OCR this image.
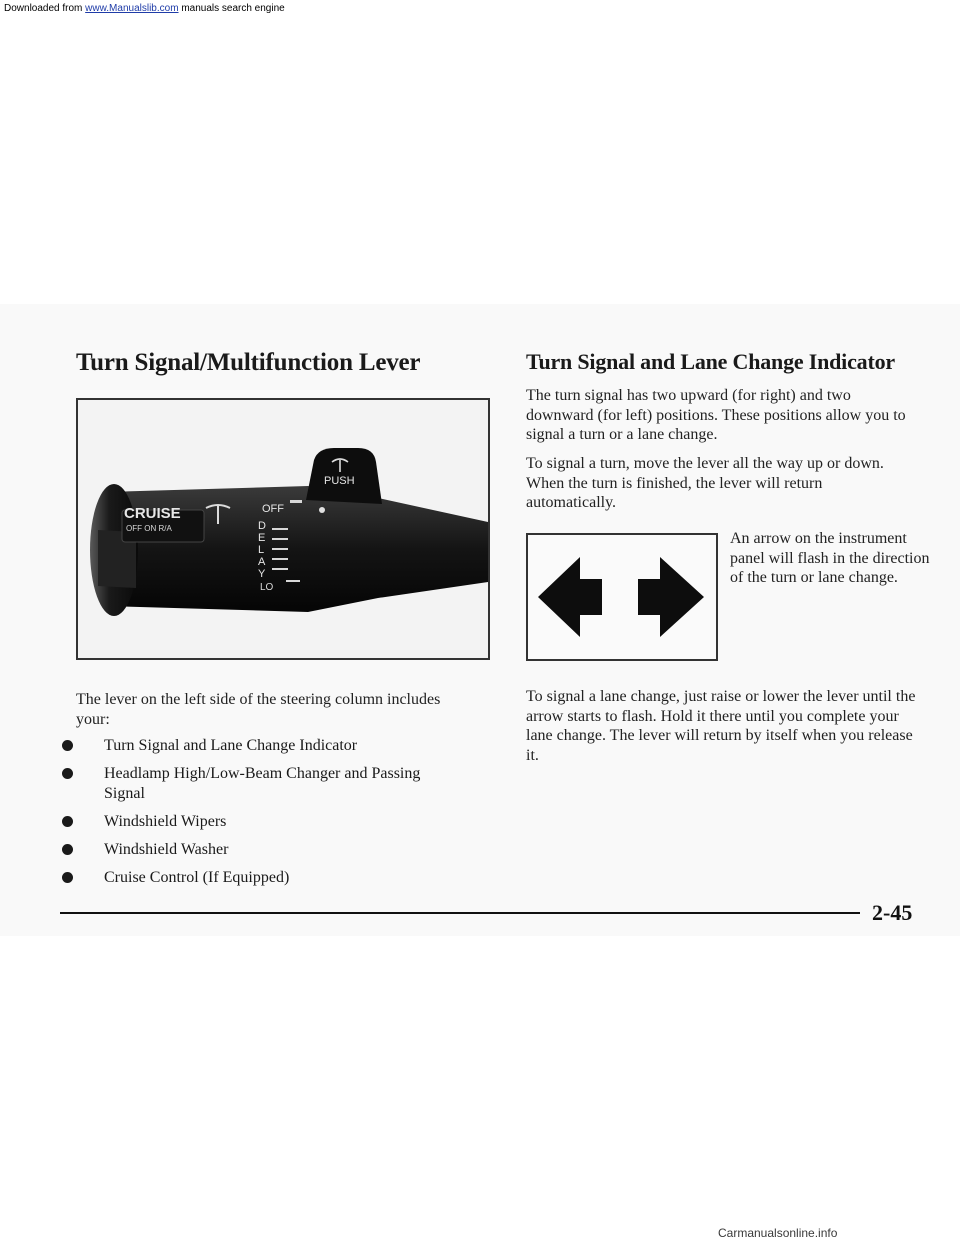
Downloaded from www.Manualslib.com manuals search engine
Turn Signal/Multifunction Lever
CRUISE
OFF ON R/A
OFF
DELAY
LO
PUSH

The lever on the left side of the steering column includes your:

Turn Signal and Lane Change Indicator
Headlamp High/Low-Beam Changer and Passing Signal
Windshield Wipers
Windshield Washer
Cruise Control (If Equipped)
Turn Signal and Lane Change Indicator

The turn signal has two upward (for right) and two downward (for left) positions. These positions allow you to signal a turn or a lane change.

To signal a turn, move the lever all the way up or down. When the turn is finished, the lever will return automatically.

An arrow on the instrument panel will flash in the direction of the turn or lane change.

To signal a lane change, just raise or lower the lever until the arrow starts to flash. Hold it there until you complete your lane change. The lever will return by itself when you release it.

2-45
Carmanualsonline.info
